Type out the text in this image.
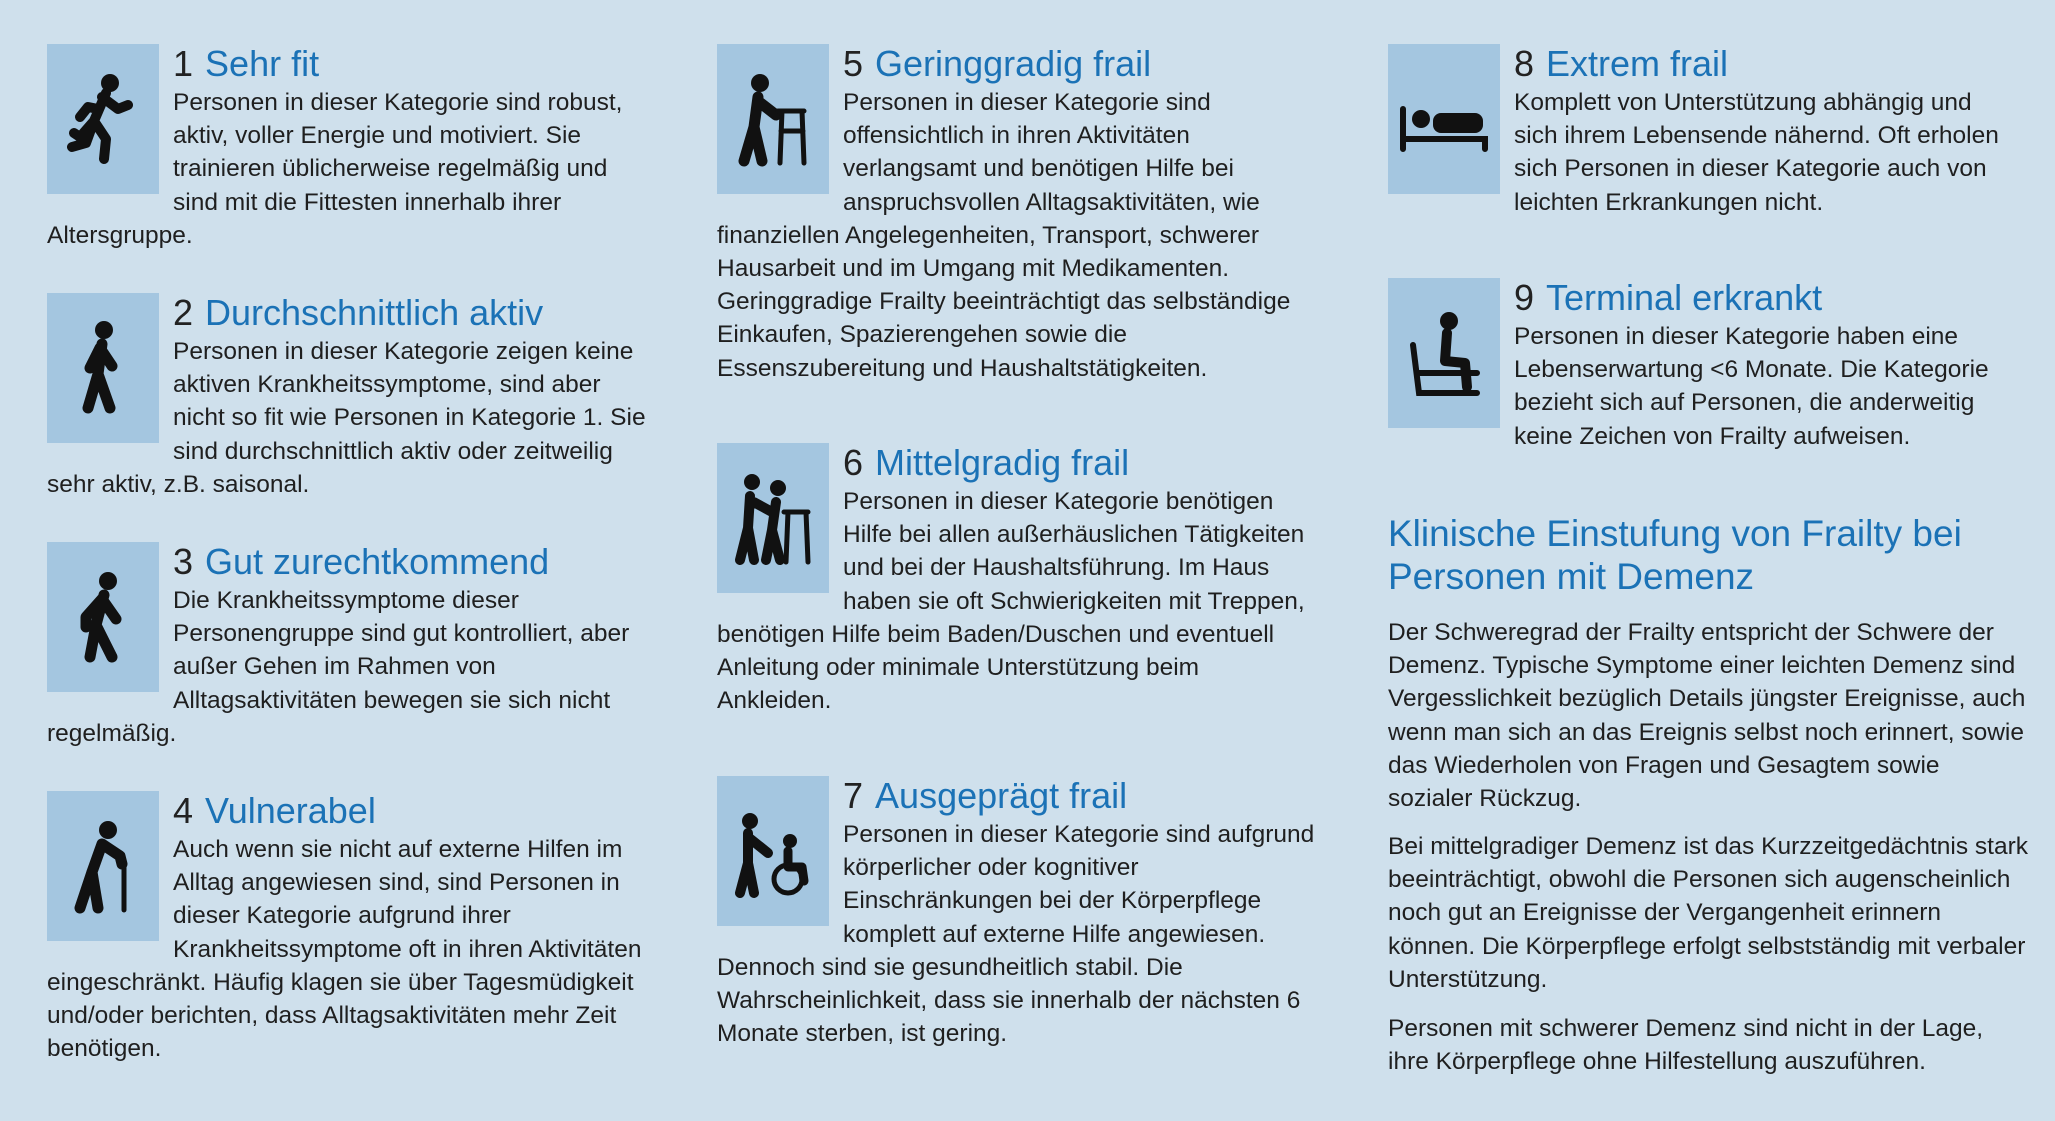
1 Sehr fit

Personen in dieser Kategorie sind robust, aktiv, voller Energie und motiviert. Sie trainieren üblicherweise regelmäßig und sind mit die Fittesten innerhalb ihrer Altersgruppe.

2 Durchschnittlich aktiv

Personen in dieser Kategorie zeigen keine aktiven Krankheitssymptome, sind aber nicht so fit wie Personen in Kategorie 1. Sie sind durchschnittlich aktiv oder zeitweilig sehr aktiv, z.B. saisonal.

3 Gut zurechtkommend

Die Krankheitssymptome dieser Personengruppe sind gut kontrolliert, aber außer Gehen im Rahmen von Alltagsaktivitäten bewegen sie sich nicht regelmäßig.

4 Vulnerabel

Auch wenn sie nicht auf externe Hilfen im Alltag angewiesen sind, sind Personen in dieser Kategorie aufgrund ihrer Krankheitssymptome oft in ihren Aktivitäten eingeschränkt. Häufig klagen sie über Tagesmüdigkeit und/oder berichten, dass Alltagsaktivitäten mehr Zeit benötigen.

5 Geringgradig frail

Personen in dieser Kategorie sind offensichtlich in ihren Aktivitäten verlangsamt und benötigen Hilfe bei anspruchsvollen Alltagsaktivitäten, wie finanziellen Angelegenheiten, Transport, schwerer Hausarbeit und im Umgang mit Medikamenten. Geringgradige Frailty beeinträchtigt das selbständige Einkaufen, Spazierengehen sowie die Essenszubereitung und Haushaltstätigkeiten.

6 Mittelgradig frail

Personen in dieser Kategorie benötigen Hilfe bei allen außerhäuslichen Tätigkeiten und bei der Haushaltsführung. Im Haus haben sie oft Schwierigkeiten mit Treppen, benötigen Hilfe beim Baden/Duschen und eventuell Anleitung oder minimale Unterstützung beim Ankleiden.

7 Ausgeprägt frail

Personen in dieser Kategorie sind aufgrund körperlicher oder kognitiver Einschränkungen bei der Körperpflege komplett auf externe Hilfe angewiesen. Dennoch sind sie gesundheitlich stabil. Die Wahrscheinlichkeit, dass sie innerhalb der nächsten 6 Monate sterben, ist gering.

8 Extrem frail

Komplett von Unterstützung abhängig und sich ihrem Lebensende nähernd. Oft erholen sich Personen in dieser Kategorie auch von leichten Erkrankungen nicht.

9 Terminal erkrankt

Personen in dieser Kategorie haben eine Lebenserwartung <6 Monate. Die Kategorie bezieht sich auf Personen, die anderweitig keine Zeichen von Frailty aufweisen.

Klinische Einstufung von Frailty bei Personen mit Demenz

Der Schweregrad der Frailty entspricht der Schwere der Demenz. Typische Symptome einer leichten Demenz sind Vergesslichkeit bezüglich Details jüngster Ereignisse, auch wenn man sich an das Ereignis selbst noch erinnert, sowie das Wiederholen von Fragen und Gesagtem sowie sozialer Rückzug.

Bei mittelgradiger Demenz ist das Kurzzeitgedächtnis stark beeinträchtigt, obwohl die Personen sich augenscheinlich noch gut an Ereignisse der Vergangenheit erinnern können. Die Körperpflege erfolgt selbstständig mit verbaler Unterstützung.

Personen mit schwerer Demenz sind nicht in der Lage, ihre Körperpflege ohne Hilfestellung auszuführen.
